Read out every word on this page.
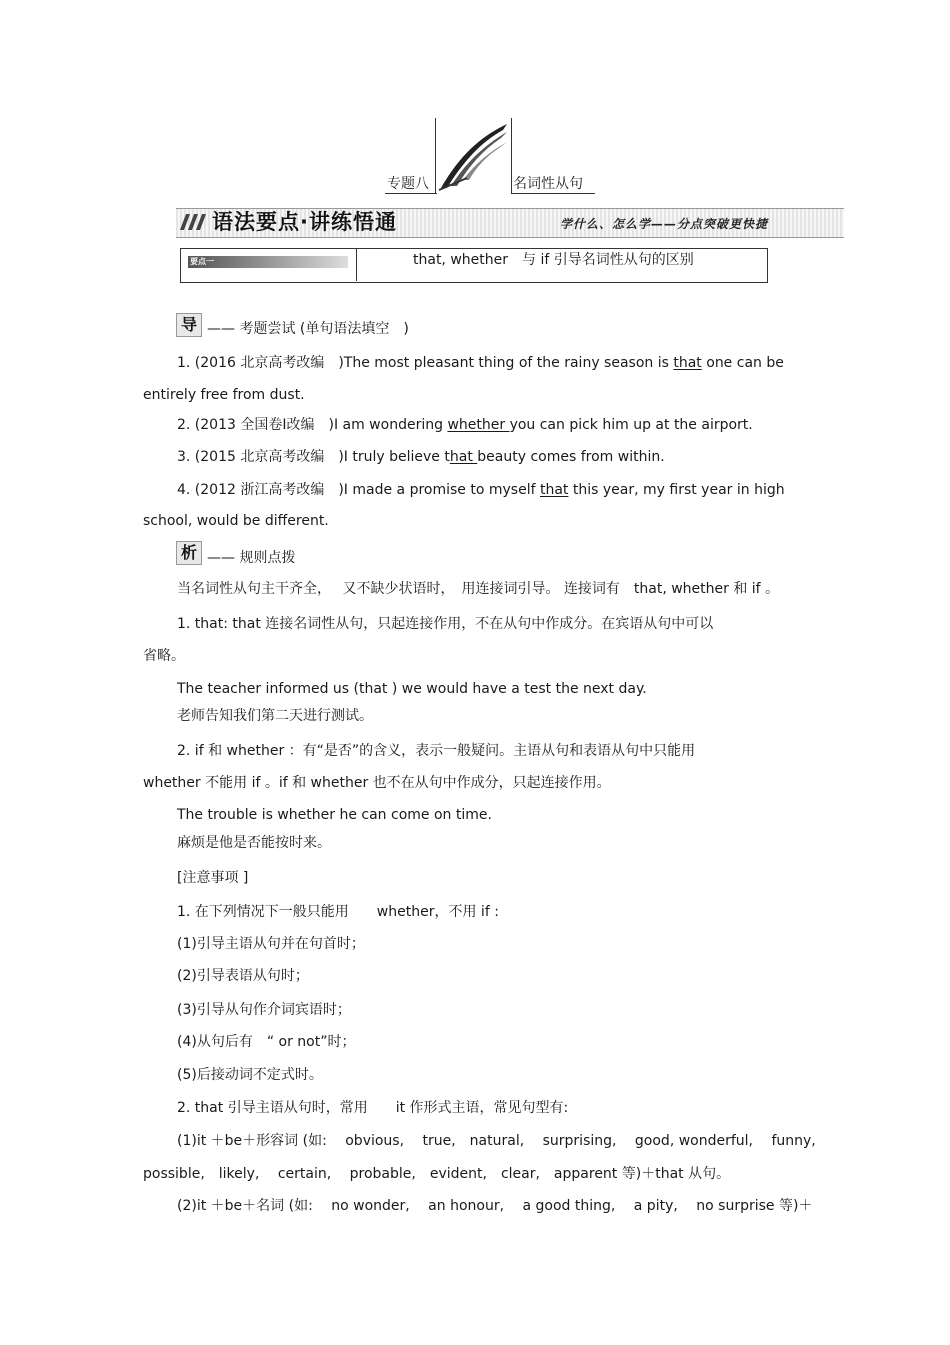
专题八	名词性从句
语法要点·讲练悟通	学什么、怎么学——分点突破更快捷
要点一	that, whether　与 if 引导名词性从句的区别
导 —— 考题尝试 (单句语法填空　)
1. (2016 北京高考改编　)The most pleasant thing of the rainy season is that one can be
entirely free from dust.
2. (2013 全国卷Ⅰ改编　)I am wondering whether you can pick him up at the airport.
3. (2015 北京高考改编　)I truly believe that beauty comes from within.
4. (2012 浙江高考改编　)I made a promise to myself that this year, my first year in high
school, would be different.
析 —— 规则点拨
当名词性从句主干齐全，　 又不缺少状语时，　用连接词引导。 连接词有　that, whether 和 if 。
1. that: that 连接名词性从句，只起连接作用，不在从句中作成分。在宾语从句中可以
省略。
The teacher informed us (that ) we would have a test the next day.
老师告知我们第二天进行测试。
2. if 和 whether ：有“是否”的含义，表示一般疑问。主语从句和表语从句中只能用
whether 不能用 if 。if 和 whether 也不在从句中作成分，只起连接作用。
The trouble is whether he can come on time.
麻烦是他是否能按时来。
[注意事项 ]
1. 在下列情况下一般只能用　　whether，不用 if :
(1)引导主语从句并在句首时；
(2)引导表语从句时；
(3)引导从句作介词宾语时；
(4)从句后有　“ or not”时；
(5)后接动词不定式时。
2. that 引导主语从句时，常用　　it 作形式主语，常见句型有:
(1)it ＋be＋形容词 (如:　 obvious,　 true,　natural,　 surprising,　 good, wonderful,　 funny,
possible,　likely,　 certain,　 probable,　evident,　clear,　apparent 等)＋that 从句。
(2)it ＋be＋名词 (如:　 no wonder,　 an honour,　 a good thing,　 a pity,　 no surprise 等)＋
